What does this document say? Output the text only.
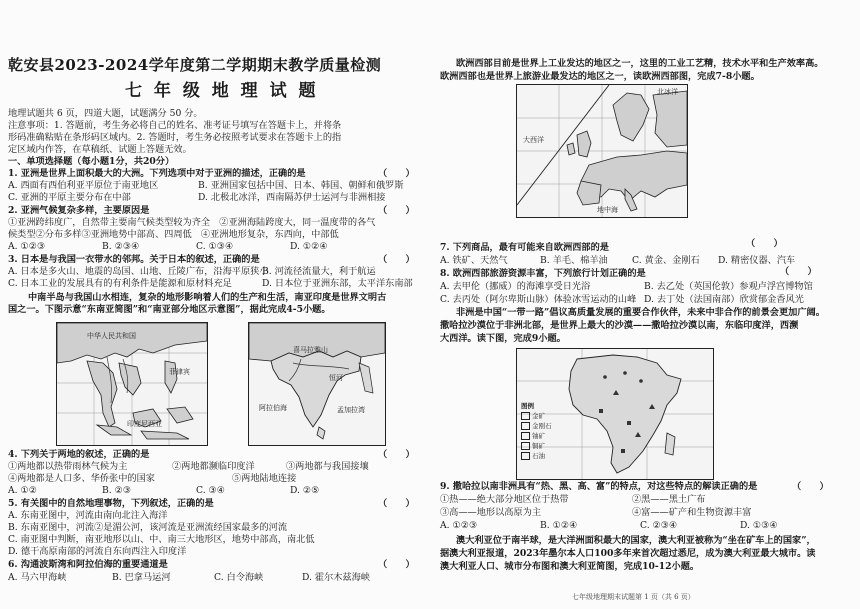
乾安县2023-2024学年度第二学期期末教学质量检测
七 年 级 地 理 试 题
地理试题共 6 页，四道大题，试题满分 50 分。
注意事项：1. 答题前，考生务必将自己的姓名、准考证号填写在答题卡上，并将条
形码准确粘贴在条形码区域内。2. 答题时，考生务必按照考试要求在答题卡上的指
定区域内作答，在草稿纸、试题上答题无效。
一、单项选择题（每小题1分，共20分）
1. 亚洲是世界上面积最大的大洲。下列选项中对于亚洲的描述，正确的是	（　　）
A. 西面有西伯利亚平原位于南亚地区	B. 亚洲国家包括中国、日本、韩国、朝鲜和俄罗斯
C. 亚洲的平原主要分布在中部	D. 北极北冰洋，西南隔苏伊士运河与非洲相接
2. 亚洲气候复杂多样，主要原因是	（　　）
①亚洲跨纬度广，自然带主要南气候类型较为齐全　②亚洲海陆跨度大，同一温度带的各气
候类型②分布多样③亚洲地势中部高、四周低　④亚洲地形复杂，东西向，中部低
A. ①②③	B. ②③④	C. ①③④	D. ①②④
3. 日本是与我国一衣带水的邻邦。关于日本的叙述，正确的是	（　　）
A. 日本是多火山、地震的岛国、山地、丘陵广布，沿海平原狭小
B. 河流径流量大，利于航运
C. 日本工业的发展具有的有利条件是能源和原材料充足	D. 日本位于亚洲东部，太平洋东南部
中南半岛与我国山水相连，复杂的地形影响着人们的生产和生活，南亚印度是世界文明古
国之一。下图示意“东南亚简图”和“南亚部分地区示意图”，据此完成4-5小题。
中华人民共和国
菲律宾
印度尼西亚
喜马拉雅山
阿拉伯海	孟加拉湾
恒河
4. 下列关于两地的叙述，正确的是	（　　）
①两地都以热带雨林气候为主	②两地都濒临印度洋	③两地都与我国接壤
④两地都是人口多、华侨张中的国家	⑤两地陆地连接
A. ①②	B. ②③	C. ③④	D. ②⑤
5. 有关图中的自然地理事物，下列叙述，正确的是	（　　）
A. 东南亚图中，河流由南向北注入海洋
B. 东南亚图中，河流②是湄公河，该河流是亚洲流经国家最多的河流
C. 南亚图中判断，南亚地形以山、中、南三大地形区，地势中部高，南北低
D. 德干高原南部的河流自东向西注入印度洋
6. 沟通波斯湾和阿拉伯海的重要通道是	（　　）
A. 马六甲海峡	B. 巴拿马运河	C. 白令海峡	D. 霍尔木兹海峡
欧洲西部目前是世界上工业发达的地区之一，这里的工业工艺精，技术水平和生产效率高。
欧洲西部也是世界上旅游业最发达的地区之一，读欧洲西部图，完成7-8小题。
大西洋
地中海
北冰洋
7. 下列商品，最有可能来自欧洲西部的是	（　　）
A. 铁矿、天然气	B. 羊毛、棉羊油	C. 黄金、金刚石 D. 精密仪器、汽车
8. 欧洲西部旅游资源丰富，下列旅行计划正确的是	（　　）
A. 去甲伦（挪威）的海滩享受日光浴	B. 去乙处（英国伦敦）参观卢浮宫博物馆
C. 去丙处（阿尔卑斯山脉）体验冰雪运动的山峰 D. 去丁处（法国南部）欣赏郁金香风光
非洲是中国“一带一路”倡议高质量发展的重要合作伙伴，未来中非合作的前景会更加广阔。
撒哈拉沙漠位于非洲北部，是世界上最大的沙漠——撒哈拉沙漠以南，东临印度洋，西濒
大西洋。读下图，完成9小题。
图例
金矿
金刚石
铀矿
铜矿
石油
9. 撒哈拉以南非洲具有“热、黑、高、富”的特点，对这些特点的解读正确的是	（　　）
①热——绝大部分地区位于热带	②黑——黑土广布
③高——地形以高原为主	④富——矿产和生物资源丰富
A. ①②③	B. ①②④	C. ②③④	D. ①③④
澳大利亚位于南半球，是大洋洲面积最大的国家，澳大利亚被称为“坐在矿车上的国家”，
据澳大利亚报道，2023年墨尔本人口100多年来首次超过悉尼，成为澳大利亚最大城市。读
澳大利亚人口、城市分布图和澳大利亚简图，完成10-12小题。
七年级地理期末试题第 1 页（共 6 页）
